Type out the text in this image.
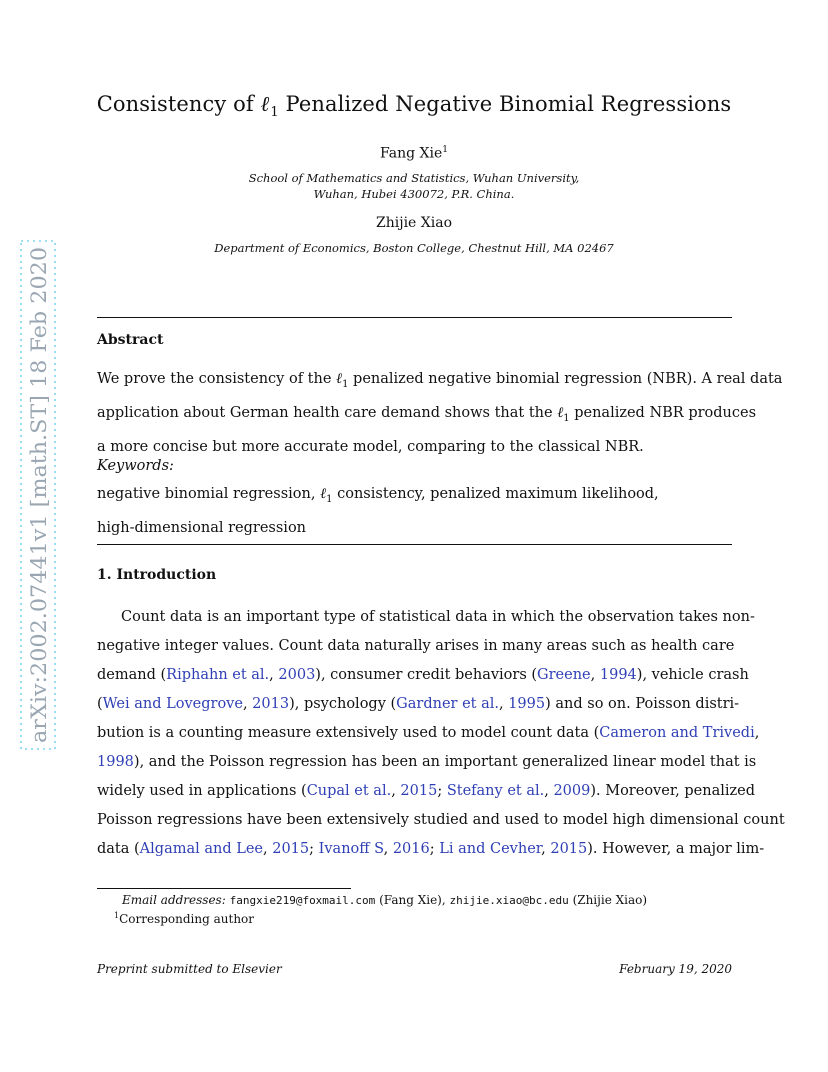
arXiv:2002.07441v1 [math.ST] 18 Feb 2020
Consistency of ℓ$_1$ Penalized Negative Binomial Regressions
Fang Xie$^1$
School of Mathematics and Statistics, Wuhan University,
Wuhan, Hubei 430072, P.R. China.
Zhijie Xiao
Department of Economics, Boston College, Chestnut Hill, MA 02467
Abstract
We prove the consistency of the ℓ$_1$ penalized negative binomial regression (NBR). A real data
application about German health care demand shows that the ℓ$_1$ penalized NBR produces
a more concise but more accurate model, comparing to the classical NBR.
Keywords:
negative binomial regression, ℓ$_1$ consistency, penalized maximum likelihood,
high-dimensional regression
1. Introduction
Count data is an important type of statistical data in which the observation takes non-
negative integer values. Count data naturally arises in many areas such as health care
demand (Riphahn et al., 2003), consumer credit behaviors (Greene, 1994), vehicle crash
(Wei and Lovegrove, 2013), psychology (Gardner et al., 1995) and so on. Poisson distri-
bution is a counting measure extensively used to model count data (Cameron and Trivedi,
1998), and the Poisson regression has been an important generalized linear model that is
widely used in applications (Cupal et al., 2015; Stefany et al., 2009). Moreover, penalized
Poisson regressions have been extensively studied and used to model high dimensional count
data (Algamal and Lee, 2015; Ivanoff S, 2016; Li and Cevher, 2015). However, a major lim-
Email addresses: fangxie219@foxmail.com (Fang Xie), zhijie.xiao@bc.edu (Zhijie Xiao)
$^1$Corresponding author
Preprint submitted to Elsevier	February 19, 2020
